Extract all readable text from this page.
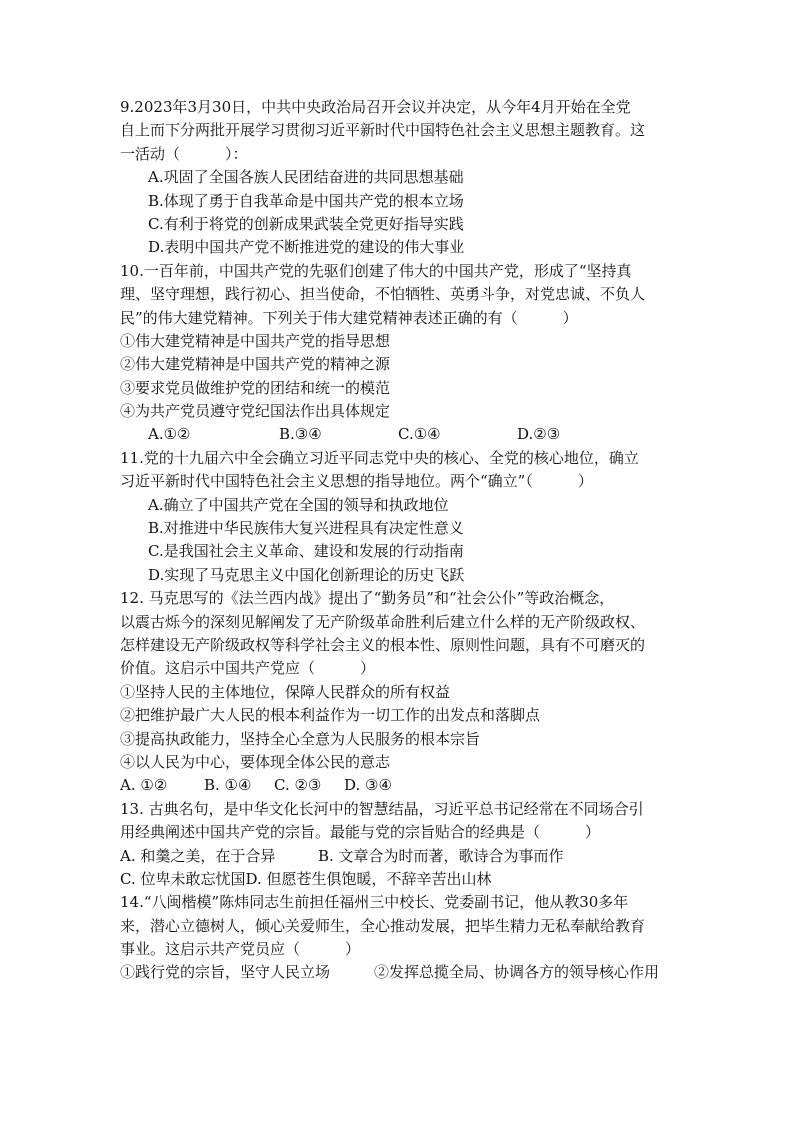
9.2023年3月30日，中共中央政治局召开会议并决定，从今年4月开始在全党
自上而下分两批开展学习贯彻习近平新时代中国特色社会主义思想主题教育。这
一活动（　　　）：
A.巩固了全国各族人民团结奋进的共同思想基础
B.体现了勇于自我革命是中国共产党的根本立场
C.有利于将党的创新成果武装全党更好指导实践
D.表明中国共产党不断推进党的建设的伟大事业
10.一百年前，中国共产党的先驱们创建了伟大的中国共产党，形成了“坚持真
理、坚守理想，践行初心、担当使命，不怕牺牲、英勇斗争，对党忠诚、不负人
民”的伟大建党精神。下列关于伟大建党精神表述正确的有（　　　）
①伟大建党精神是中国共产党的指导思想
②伟大建党精神是中国共产党的精神之源
③要求党员做维护党的团结和统一的模范
④为共产党员遵守党纪国法作出具体规定
A.①②	B.③④	C.①④	D.②③
11.党的十九届六中全会确立习近平同志党中央的核心、全党的核心地位，确立
习近平新时代中国特色社会主义思想的指导地位。两个“确立”（　　　）
A.确立了中国共产党在全国的领导和执政地位
B.对推进中华民族伟大复兴进程具有决定性意义
C.是我国社会主义革命、建设和发展的行动指南
D.实现了马克思主义中国化创新理论的历史飞跃
12. 马克思写的《法兰西内战》提出了“勤务员”和“社会公仆”等政治概念，
以震古烁今的深刻见解阐发了无产阶级革命胜利后建立什么样的无产阶级政权、
怎样建设无产阶级政权等科学社会主义的根本性、原则性问题，具有不可磨灭的
价值。这启示中国共产党应（　　　）
①坚持人民的主体地位，保障人民群众的所有权益
②把维护最广大人民的根本利益作为一切工作的出发点和落脚点
③提高执政能力，坚持全心全意为人民服务的根本宗旨
④以人民为中心，要体现全体公民的意志
A. ①②	B. ①④	C. ②③	D. ③④
13. 古典名句，是中华文化长河中的智慧结晶，习近平总书记经常在不同场合引
用经典阐述中国共产党的宗旨。最能与党的宗旨贴合的经典是（　　　）
A. 和羹之美，在于合异	B. 文章合为时而著，歌诗合为事而作
C. 位卑未敢忘忧国D. 但愿苍生俱饱暖，不辞辛苦出山林
14.“八闽楷模”陈炜同志生前担任福州三中校长、党委副书记，他从教30多年
来，潜心立德树人，倾心关爱师生，全心推动发展，把毕生精力无私奉献给教育
事业。这启示共产党员应（　　　）
①践行党的宗旨，坚守人民立场	②发挥总揽全局、协调各方的领导核心作用
